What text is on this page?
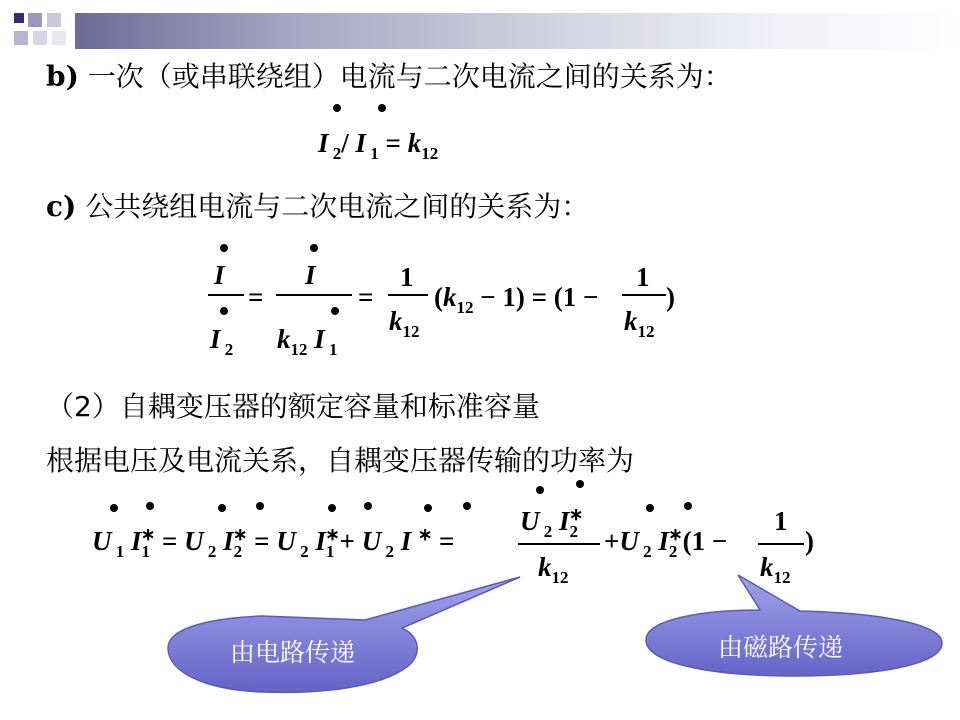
b) 一次（或串联绕组）电流与二次电流之间的关系为：
I $_2$/ I $_1 = k_{12}$
c) 公共绕组电流与二次电流之间的关系为：
I
I $_2$
=
I
$k_{12}$ I $_1$
=
1
$k_{12}$
$(k_{12} - 1) = (1$ −
1
$k_{12}$
)
（2）自耦变压器的额定容量和标准容量
根据电压及电流关系，自耦变压器传输的功率为
U $_1$ $I_1^∗ = U$ $_2$ $I_2^∗ = U$ $_2$ $I_1^∗+ U$ $_2$ I ∗ =
U $_2$ $I_2^∗$
$k_{12}$
+U $_2$ $I_2^∗(1$ −
1
$k_{12}$
)
由电路传递	由磁路传递
